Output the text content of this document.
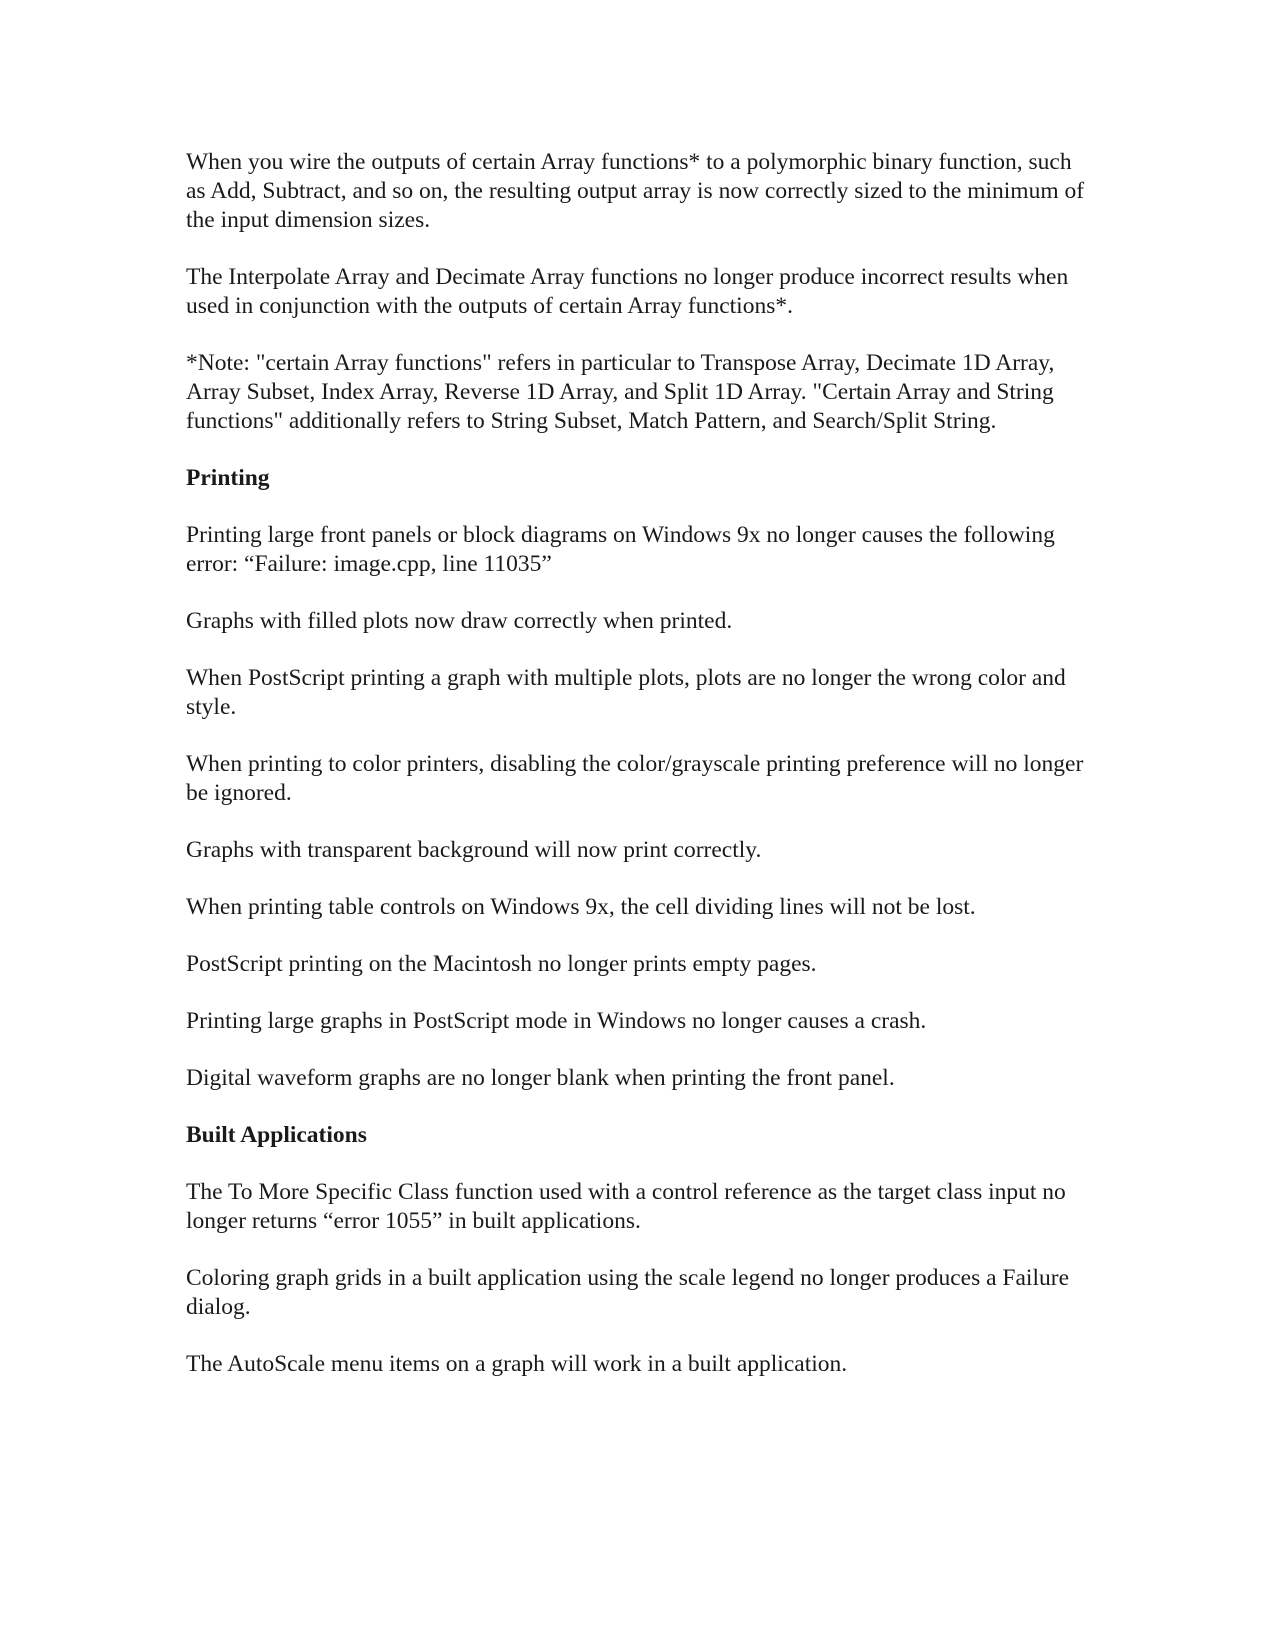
When you wire the outputs of certain Array functions* to a polymorphic binary function, such as Add, Subtract, and so on, the resulting output array is now correctly sized to the minimum of the input dimension sizes.

The Interpolate Array and Decimate Array functions no longer produce incorrect results when used in conjunction with the outputs of certain Array functions*.

*Note: "certain Array functions" refers in particular to Transpose Array, Decimate 1D Array, Array Subset, Index Array, Reverse 1D Array, and Split 1D Array. "Certain Array and String functions" additionally refers to String Subset, Match Pattern, and Search/Split String.

Printing

Printing large front panels or block diagrams on Windows 9x no longer causes the following error: “Failure: image.cpp, line 11035”

Graphs with filled plots now draw correctly when printed.

When PostScript printing a graph with multiple plots, plots are no longer the wrong color and style.

When printing to color printers, disabling the color/grayscale printing preference will no longer be ignored.

Graphs with transparent background will now print correctly.

When printing table controls on Windows 9x, the cell dividing lines will not be lost.

PostScript printing on the Macintosh no longer prints empty pages.

Printing large graphs in PostScript mode in Windows no longer causes a crash.

Digital waveform graphs are no longer blank when printing the front panel.

Built Applications

The To More Specific Class function used with a control reference as the target class input no longer returns “error 1055” in built applications.

Coloring graph grids in a built application using the scale legend no longer produces a Failure dialog.

The AutoScale menu items on a graph will work in a built application.
